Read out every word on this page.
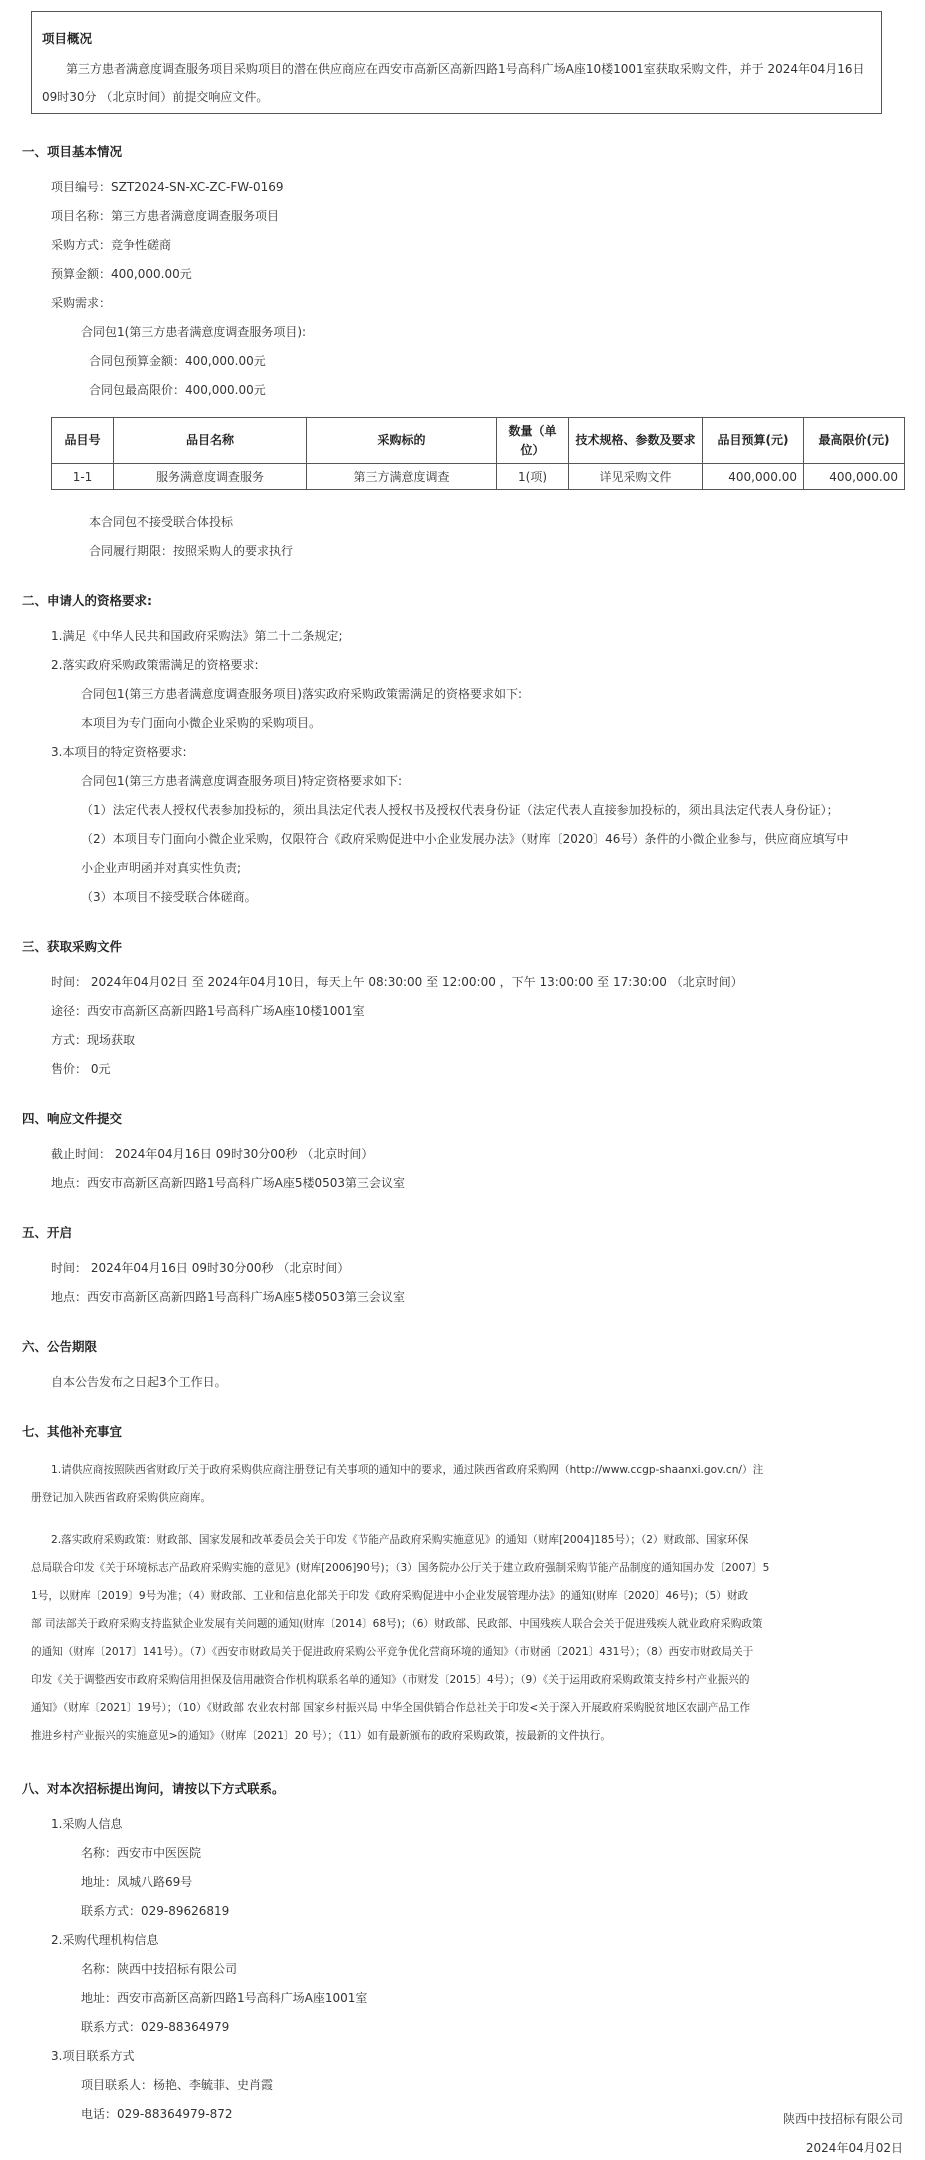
项目概况

第三方患者满意度调查服务项目采购项目的潜在供应商应在西安市高新区高新四路1号高科广场A座10楼1001室获取采购文件，并于 2024年04月16日 09时30分 （北京时间）前提交响应文件。

一、项目基本情况
项目编号：SZT2024-SN-XC-ZC-FW-0169
项目名称：第三方患者满意度调查服务项目
采购方式：竞争性磋商
预算金额：400,000.00元
采购需求：
合同包1(第三方患者满意度调查服务项目):
合同包预算金额：400,000.00元
合同包最高限价：400,000.00元
品目号	品目名称	采购标的	数量（单位）	技术规格、参数及要求	品目预算(元)	最高限价(元)
1-1	服务满意度调查服务	第三方满意度调查	1(项)	详见采购文件	400,000.00	400,000.00
本合同包不接受联合体投标
合同履行期限：按照采购人的要求执行
二、申请人的资格要求:
1.满足《中华人民共和国政府采购法》第二十二条规定;
2.落实政府采购政策需满足的资格要求:
合同包1(第三方患者满意度调查服务项目)落实政府采购政策需满足的资格要求如下:
本项目为专门面向小微企业采购的采购项目。
3.本项目的特定资格要求:
合同包1(第三方患者满意度调查服务项目)特定资格要求如下:
（1）法定代表人授权代表参加投标的，须出具法定代表人授权书及授权代表身份证（法定代表人直接参加投标的，须出具法定代表人身份证）；
（2）本项目专门面向小微企业采购，仅限符合《政府采购促进中小企业发展办法》（财库〔2020〕46号）条件的小微企业参与，供应商应填写中
小企业声明函并对真实性负责;
（3）本项目不接受联合体磋商。
三、获取采购文件
时间： 2024年04月02日 至 2024年04月10日，每天上午 08:30:00 至 12:00:00 ，下午 13:00:00 至 17:30:00 （北京时间）
途径：西安市高新区高新四路1号高科广场A座10楼1001室
方式：现场获取
售价： 0元
四、响应文件提交
截止时间： 2024年04月16日 09时30分00秒 （北京时间）
地点：西安市高新区高新四路1号高科广场A座5楼0503第三会议室
五、开启
时间： 2024年04月16日 09时30分00秒 （北京时间）
地点：西安市高新区高新四路1号高科广场A座5楼0503第三会议室
六、公告期限
自本公告发布之日起3个工作日。
七、其他补充事宜
1.请供应商按照陕西省财政厅关于政府采购供应商注册登记有关事项的通知中的要求，通过陕西省政府采购网（http://www.ccgp-shaanxi.gov.cn/）注
册登记加入陕西省政府采购供应商库。
2.落实政府采购政策：财政部、国家发展和改革委员会关于印发《节能产品政府采购实施意见》的通知（财库[2004]185号）；（2）财政部、国家环保
总局联合印发《关于环境标志产品政府采购实施的意见》(财库[2006]90号)；（3）国务院办公厅关于建立政府强制采购节能产品制度的通知国办发〔2007〕5
1号，以财库〔2019〕9号为准；（4）财政部、工业和信息化部关于印发《政府采购促进中小企业发展管理办法》的通知(财库〔2020〕46号)；（5）财政
部 司法部关于政府采购支持监狱企业发展有关问题的通知(财库〔2014〕68号)；（6）财政部、民政部、中国残疾人联合会关于促进残疾人就业政府采购政策
的通知（财库〔2017〕141号）。（7）《西安市财政局关于促进政府采购公平竞争优化营商环境的通知》（市财函〔2021〕431号）；（8）西安市财政局关于
印发《关于调整西安市政府采购信用担保及信用融资合作机构联系名单的通知》（市财发〔2015〕4号）；（9）《关于运用政府采购政策支持乡村产业振兴的
通知》（财库〔2021〕19号）；（10）《财政部 农业农村部 国家乡村振兴局 中华全国供销合作总社关于印发<关于深入开展政府采购脱贫地区农副产品工作
推进乡村产业振兴的实施意见>的通知》（财库〔2021〕20 号）；（11）如有最新颁布的政府采购政策，按最新的文件执行。
八、对本次招标提出询问，请按以下方式联系。
1.采购人信息
名称：西安市中医医院
地址：凤城八路69号
联系方式：029-89626819
2.采购代理机构信息
名称：陕西中技招标有限公司
地址：西安市高新区高新四路1号高科广场A座1001室
联系方式：029-88364979
3.项目联系方式
项目联系人：杨艳、李毓菲、史肖霞
电话：029-88364979-872	陕西中技招标有限公司
2024年04月02日
